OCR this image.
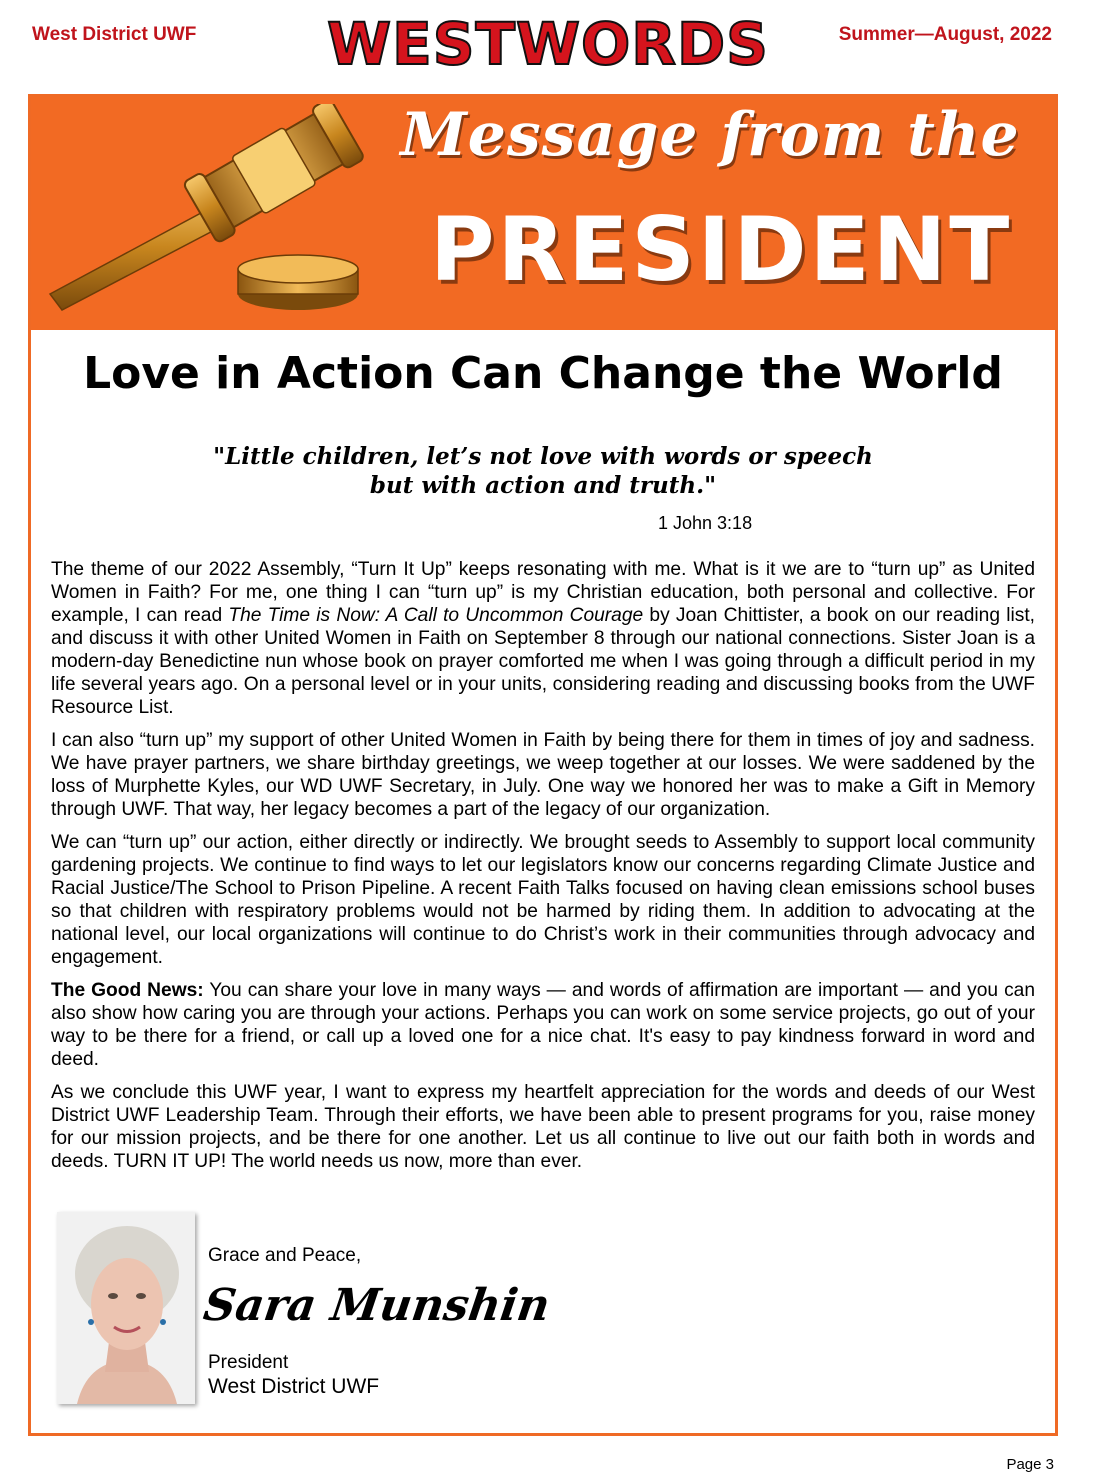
West District UWF	WESTWORDS	Summer—August, 2022
Message from the
PRESIDENT
Love in Action Can Change the World
"Little children, let’s not love with words or speech
but with action and truth."
1 John 3:18

The theme of our 2022 Assembly, “Turn It Up” keeps resonating with me. What is it we are to “turn up” as United Women in Faith? For me, one thing I can “turn up” is my Christian education, both personal and collective. For example, I can read The Time is Now: A Call to Uncommon Courage by Joan Chittister, a book on our reading list, and discuss it with other United Women in Faith on September 8 through our national connections. Sister Joan is a modern-day Benedictine nun whose book on prayer comforted me when I was going through a difficult period in my life several years ago. On a personal level or in your units, considering reading and discussing books from the UWF Resource List.

I can also “turn up” my support of other United Women in Faith by being there for them in times of joy and sadness. We have prayer partners, we share birthday greetings, we weep together at our losses. We were saddened by the loss of Murphette Kyles, our WD UWF Secretary, in July. One way we honored her was to make a Gift in Memory through UWF. That way, her legacy becomes a part of the legacy of our organization.

We can “turn up” our action, either directly or indirectly. We brought seeds to Assembly to support local community gardening projects. We continue to find ways to let our legislators know our concerns regarding Climate Justice and Racial Justice/The School to Prison Pipeline. A recent Faith Talks focused on having clean emissions school buses so that children with respiratory problems would not be harmed by riding them. In addition to advocating at the national level, our local organizations will continue to do Christ’s work in their communities through advocacy and engagement.

The Good News: You can share your love in many ways — and words of affirmation are important — and you can also show how caring you are through your actions. Perhaps you can work on some service projects, go out of your way to be there for a friend, or call up a loved one for a nice chat. It's easy to pay kindness forward in word and deed.

As we conclude this UWF year, I want to express my heartfelt appreciation for the words and deeds of our West District UWF Leadership Team. Through their efforts, we have been able to present programs for you, raise money for our mission projects, and be there for one another. Let us all continue to live out our faith both in words and deeds. TURN IT UP! The world needs us now, more than ever.

Grace and Peace,
Sara Munshin
President
West District UWF
Page 3
